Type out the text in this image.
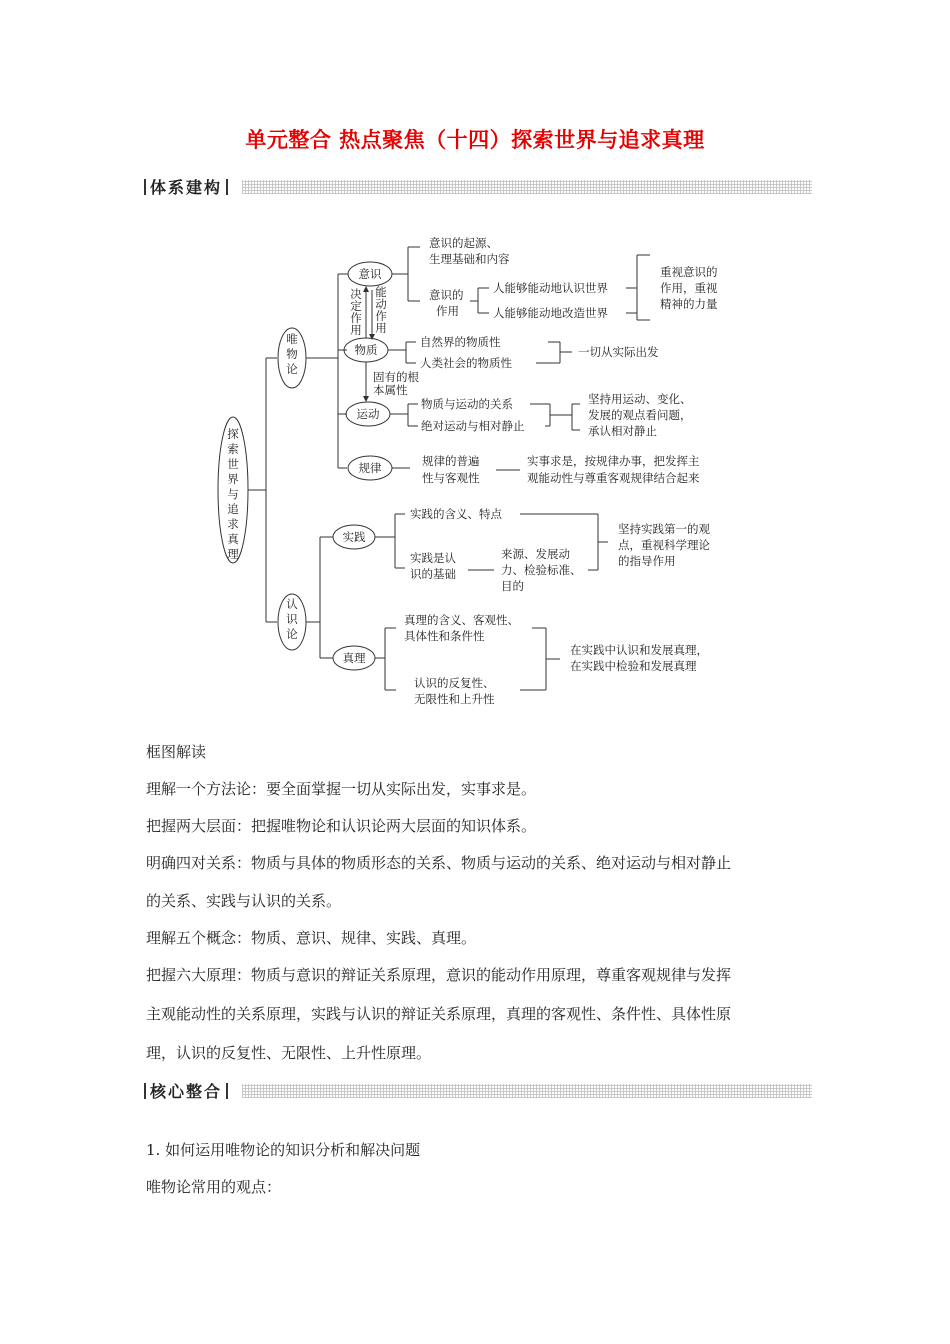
单元整合 热点聚焦（十四）探索世界与追求真理
体系建构
探
索
世
界
与
追
求
真
理
唯
物
论
认
识
论
意识
意识的起源、
生理基础和内容
意识的
作用
人能够能动地认识世界
人能够能动地改造世界
重视意识的
作用，重视
精神的力量
决
定
作
用
能
动
作
用
物质
自然界的物质性
人类社会的物质性
一切从实际出发
固有的根
本属性
运动
物质与运动的关系
绝对运动与相对静止
坚持用运动、变化、
发展的观点看问题，
承认相对静止
规律	规律的普遍
性与客观性
实事求是，按规律办事，把发挥主
观能动性与尊重客观规律结合起来
实践
实践的含义、特点
实践是认
识的基础
来源、发展动
力、检验标准、
目的
坚持实践第一的观
点，重视科学理论
的指导作用
真理
真理的含义、客观性、
具体性和条件性
认识的反复性、
无限性和上升性
在实践中认识和发展真理，
在实践中检验和发展真理
框图解读
理解一个方法论：要全面掌握一切从实际出发，实事求是。
把握两大层面：把握唯物论和认识论两大层面的知识体系。
明确四对关系：物质与具体的物质形态的关系、物质与运动的关系、绝对运动与相对静止
的关系、实践与认识的关系。
理解五个概念：物质、意识、规律、实践、真理。
把握六大原理：物质与意识的辩证关系原理，意识的能动作用原理，尊重客观规律与发挥
主观能动性的关系原理，实践与认识的辩证关系原理，真理的客观性、条件性、具体性原
理，认识的反复性、无限性、上升性原理。
核心整合
1. 如何运用唯物论的知识分析和解决问题
唯物论常用的观点：
